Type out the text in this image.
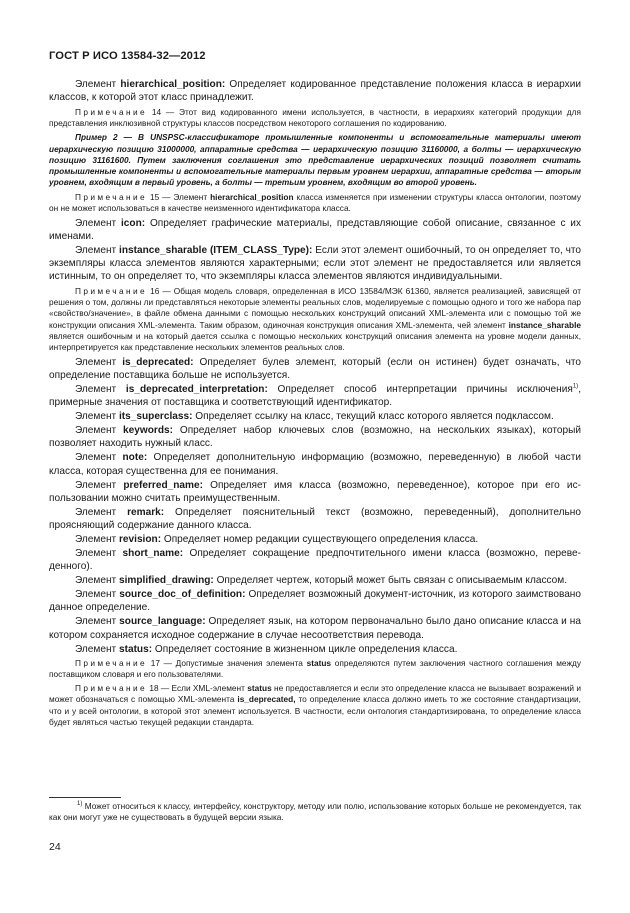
ГОСТ Р ИСО 13584-32—2012

Элемент hierarchical_position: Определяет кодированное представление положения класса в иерархии классов, к которой этот класс принадлежит.

Примечание 14 — Этот вид кодированного имени используется, в частности, в иерархиях категорий продукции для представления инклюзивной структуры классов посредством некоторого соглашения по кодированию.

Пример 2 — В UNSPSC-классификаторе промышленные компоненты и вспомогательные материалы имеют иерархическую позицию 31000000, аппаратные средства — иерархическую позицию 31160000, а болты — иерархическую позицию 31161600. Путем заключения соглашения это представление иерархических позиций позволяет считать промышленные компоненты и вспомогательные материалы первым уровнем иерархии, аппаратные средства — вторым уровнем, входящим в первый уровень, а болты — третьим уровнем, входящим во второй уровень.

Примечание 15 — Элемент hierarchical_position класса изменяется при изменении структуры класса онтологии, поэтому он не может использоваться в качестве неизменного идентификатора класса.

Элемент icon: Определяет графические материалы, представляющие собой описание, связанное с их именами.

Элемент instance_sharable (ITEM_CLASS_Type): Если этот элемент ошибочный, то он определяет то, что экземпляры класса элементов являются характерными; если этот элемент не предоставляется или является истинным, то он определяет то, что экземпляры класса элементов являются индивидуальными.

Примечание 16 — Общая модель словаря, определенная в ИСО 13584/МЭК 61360, является реализацией, зависящей от решения о том, должны ли представляться некоторые элементы реальных слов, моделируемые с помощью одного и того же набора пар «свойство/значение», в файле обмена данными с помощью нескольких конструкций описаний XML-элемента или с помощью той же конструкции описания XML-элемента. Таким образом, одиночная конструкция описания XML-элемента, чей элемент instance_sharable является ошибочным и на который дается ссылка с помощью нескольких конструкций описания элемента на уровне модели данных, интерпретируется как представление нескольких элементов реальных слов.

Элемент is_deprecated: Определяет булев элемент, который (если он истинен) будет означать, что определение поставщика больше не используется.

Элемент is_deprecated_interpretation: Определяет способ интерпретации причины исключения$^{1)}$, примерные значения от поставщика и соответствующий идентификатор.

Элемент its_superclass: Определяет ссылку на класс, текущий класс которого является подклассом.

Элемент keywords: Определяет набор ключевых слов (возможно, на нескольких языках), который позволяет находить нужный класс.

Элемент note: Определяет дополнительную информацию (возможно, переведенную) в любой части класса, которая существенна для ее понимания.

Элемент preferred_name: Определяет имя класса (возможно, переведенное), которое при его использовании можно считать преимущественным.

Элемент remark: Определяет пояснительный текст (возможно, переведенный), дополнительно проясняющий содержание данного класса.

Элемент revision: Определяет номер редакции существующего определения класса.

Элемент short_name: Определяет сокращение предпочтительного имени класса (возможно, переведенного).

Элемент simplified_drawing: Определяет чертеж, который может быть связан с описываемым классом.

Элемент source_doc_of_definition: Определяет возможный документ-источник, из которого заимствовано данное определение.

Элемент source_language: Определяет язык, на котором первоначально было дано описание класса и на котором сохраняется исходное содержание в случае несоответствия перевода.

Элемент status: Определяет состояние в жизненном цикле определения класса.

Примечание 17 — Допустимые значения элемента status определяются путем заключения частного соглашения между поставщиком словаря и его пользователями.

Примечание 18 — Если XML-элемент status не предоставляется и если это определение класса не вызывает возражений и может обозначаться с помощью XML-элемента is_deprecated, то определение класса должно иметь то же состояние стандартизации, что и у всей онтологии, в которой этот элемент используется. В частности, если онтология стандартизирована, то определение класса будет являться частью текущей редакции стандарта.

$^{1)}$ Может относиться к классу, интерфейсу, конструктору, методу или полю, использование которых больше не рекомендуется, так как они могут уже не существовать в будущей версии языка.

24
